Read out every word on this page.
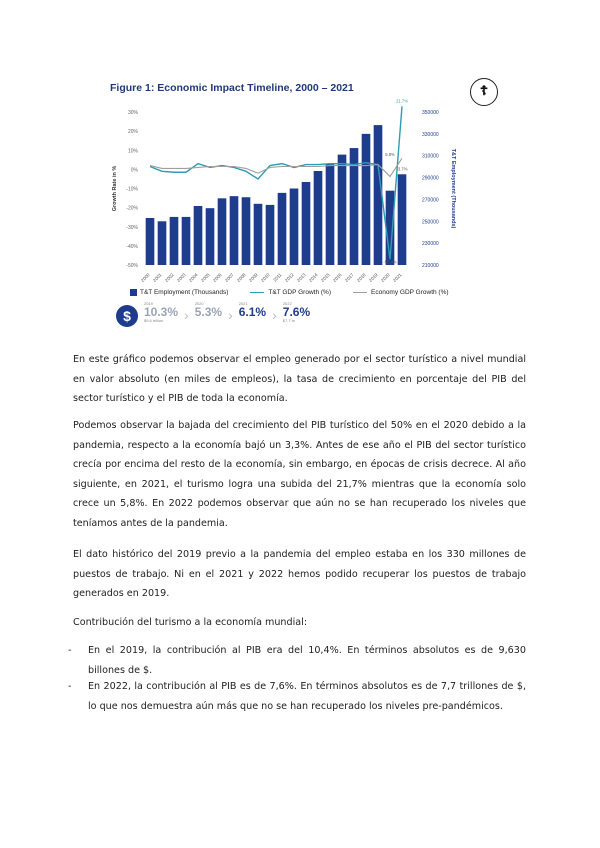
Figure 1: Economic Impact Timeline, 2000 – 2021	☦
30%
20%
10%
0%
-10%
-20%
-30%
-40%
-50%
350000
330000
310000
290000
270000
250000
230000
210000
Growth Rate in %	T&T Employment (Thousands)
2000 2001 2002 2003 2004 2005 2006 2007 2008 2009 2010 2011 2012 2013 2014 2015 2016 2017 2018 2019 2020 2021
21.7%
5.8%
-3.7%
-50.4%
T&T Employment (Thousands)	T&T GDP Growth (%)	Economy GDP Growth (%)
$
2019
10.3%
$9.6 trillion	›
2020
5.3% ›
2021
6.1% ›
2022
7.6%
$7.7 tn

En este gráfico podemos observar el empleo generado por el sector turístico a nivel mundial en valor absoluto (en miles de empleos), la tasa de crecimiento en porcentaje del PIB del sector turístico y el PIB de toda la economía.

Podemos observar la bajada del crecimiento del PIB turístico del 50% en el 2020 debido a la pandemia, respecto a la economía bajó un 3,3%. Antes de ese año el PIB del sector turístico crecía por encima del resto de la economía, sin embargo, en épocas de crisis decrece. Al año siguiente, en 2021, el turismo logra una subida del 21,7% mientras que la economía solo crece un 5,8%. En 2022 podemos observar que aún no se han recuperado los niveles que teníamos antes de la pandemia.

El dato histórico del 2019 previo a la pandemia del empleo estaba en los 330 millones de puestos de trabajo. Ni en el 2021 y 2022 hemos podido recuperar los puestos de trabajo generados en 2019.

Contribución del turismo a la economía mundial:

- En el 2019, la contribución al PIB era del 10,4%. En términos absolutos es de 9,630 billones de $.
- En 2022, la contribución al PIB es de 7,6%. En términos absolutos es de 7,7 trillones de $, lo que nos demuestra aún más que no se han recuperado los niveles pre-pandémicos.
